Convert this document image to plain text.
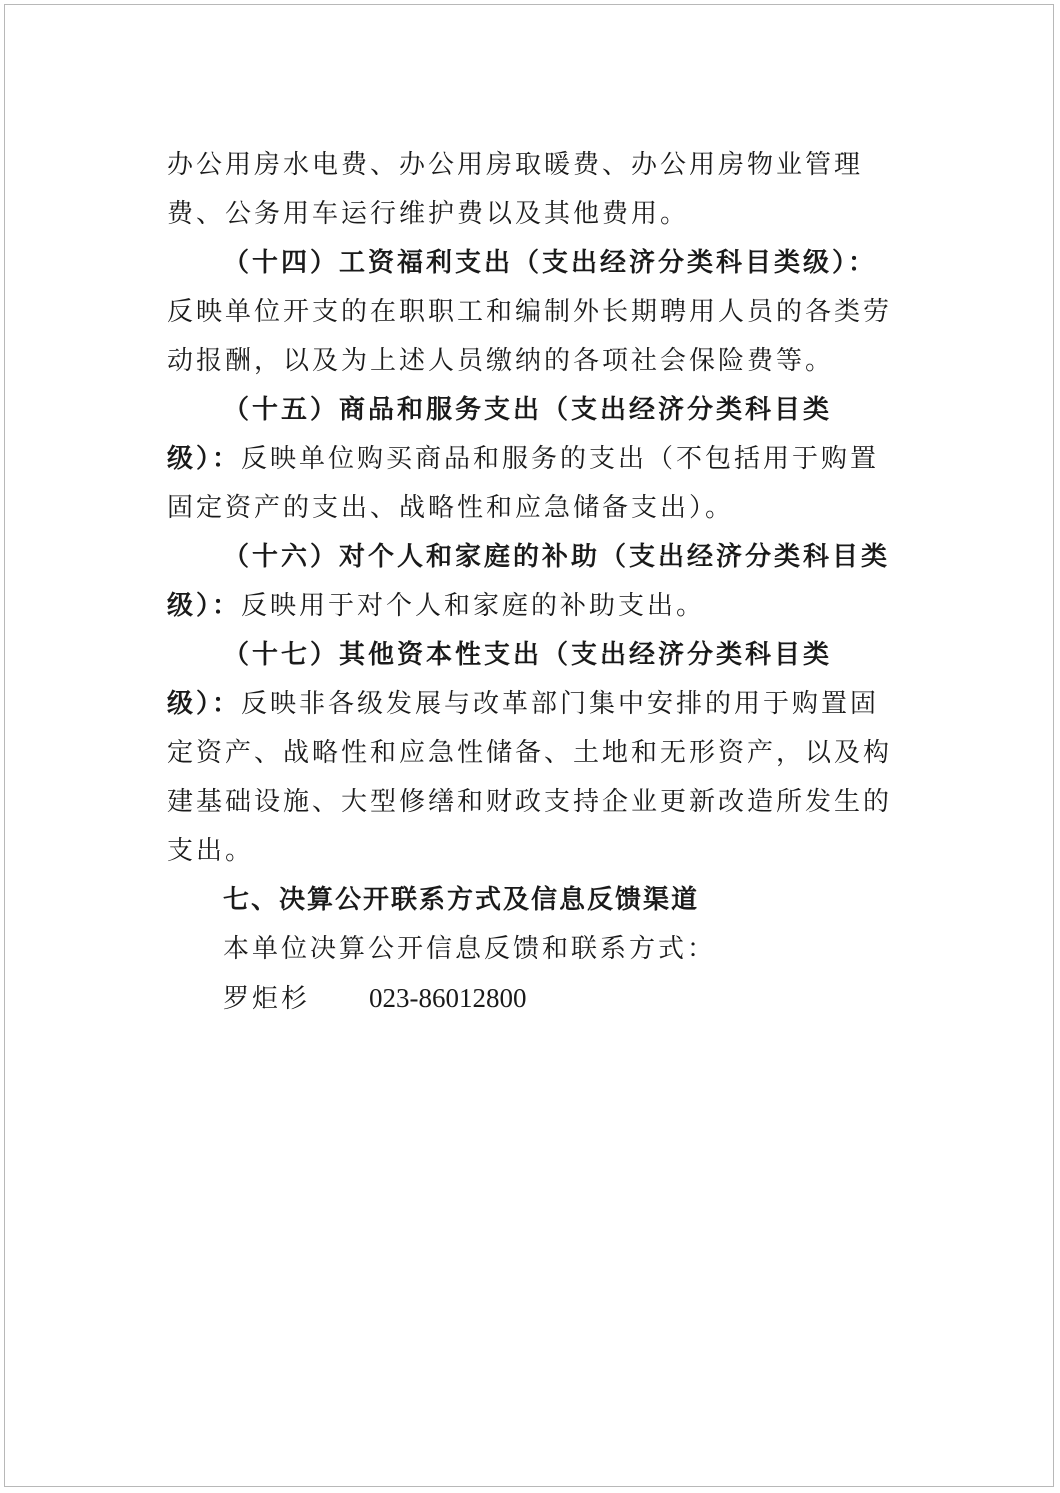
办公用房水电费、办公用房取暖费、办公用房物业管理
费、公务用车运行维护费以及其他费用。
（十四）工资福利支出（支出经济分类科目类级）：
反映单位开支的在职职工和编制外长期聘用人员的各类劳
动报酬，以及为上述人员缴纳的各项社会保险费等。
（十五）商品和服务支出（支出经济分类科目类
级）：反映单位购买商品和服务的支出（不包括用于购置
固定资产的支出、战略性和应急储备支出）。
（十六）对个人和家庭的补助（支出经济分类科目类
级）：反映用于对个人和家庭的补助支出。
（十七）其他资本性支出（支出经济分类科目类
级）：反映非各级发展与改革部门集中安排的用于购置固
定资产、战略性和应急性储备、土地和无形资产，以及构
建基础设施、大型修缮和财政支持企业更新改造所发生的
支出。
七、决算公开联系方式及信息反馈渠道
本单位决算公开信息反馈和联系方式：
罗炬杉 023-86012800
